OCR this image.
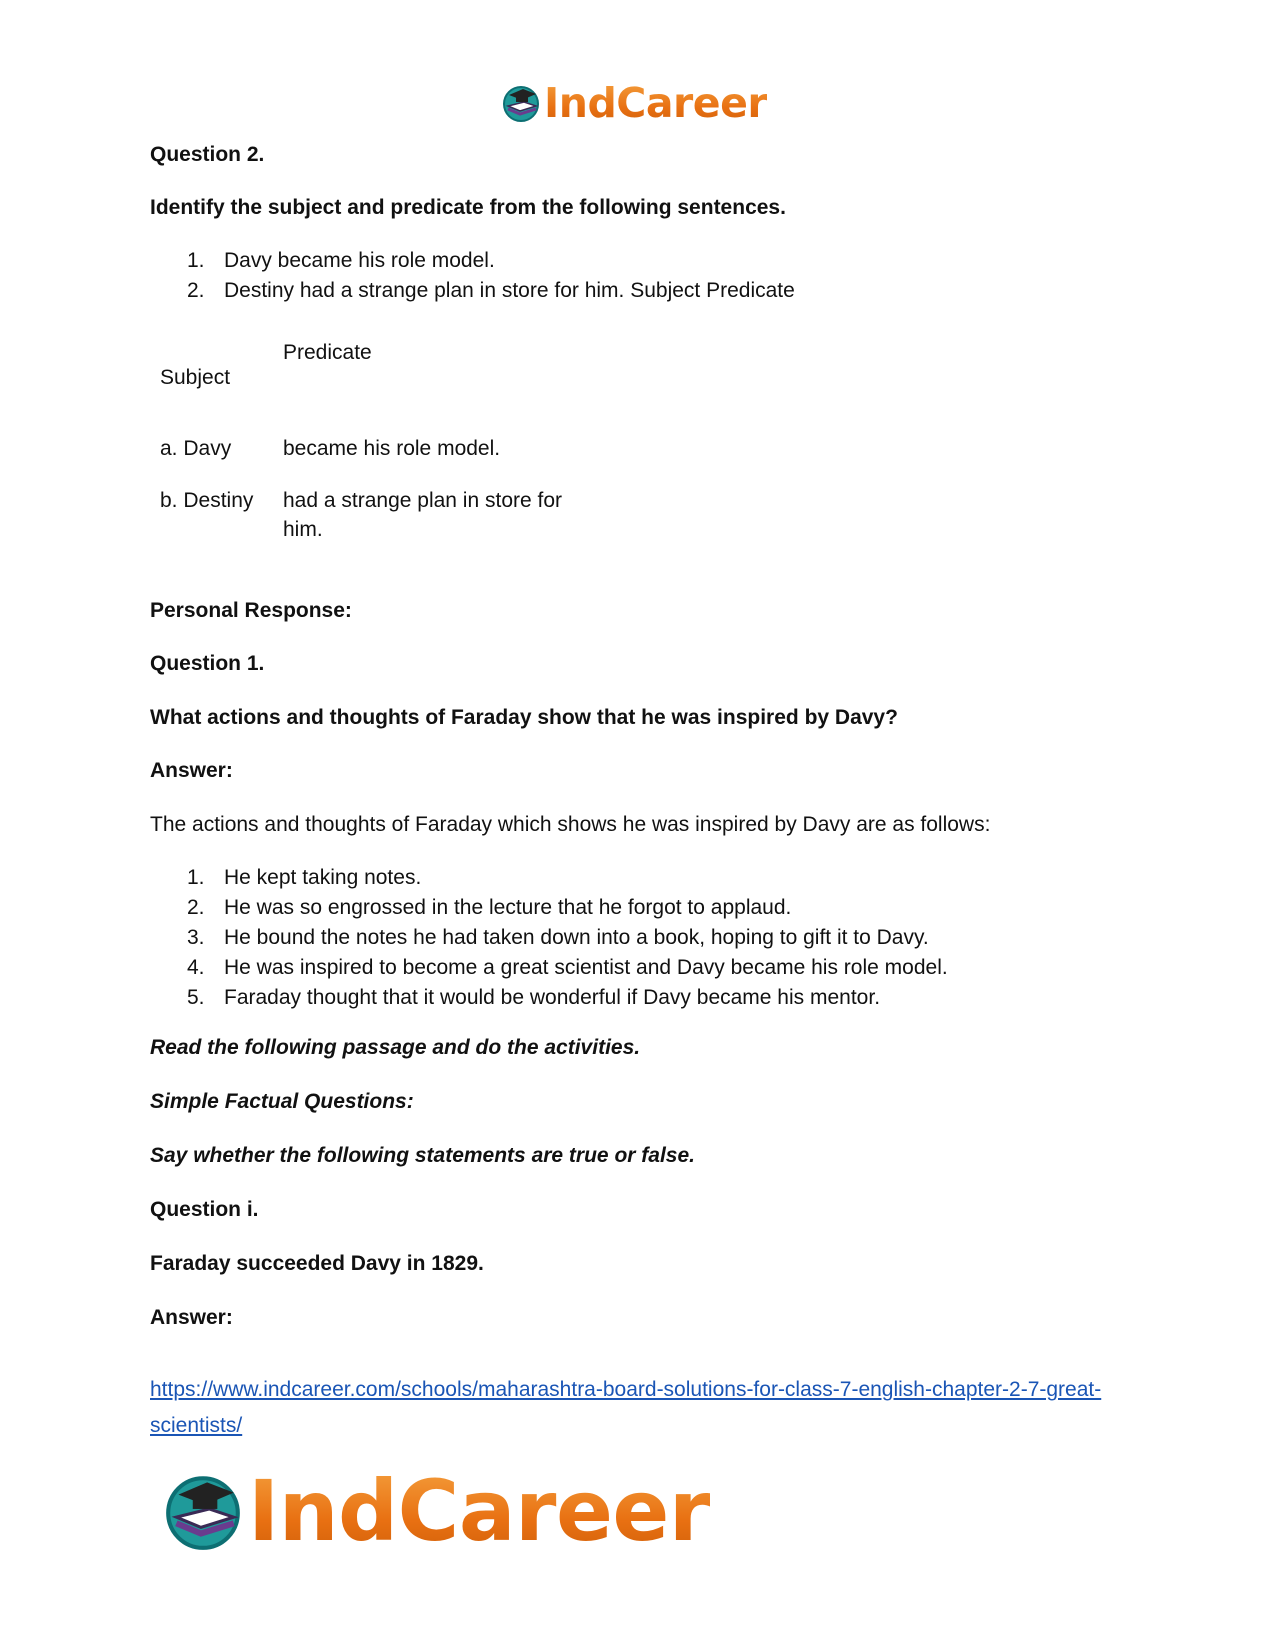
IndCareer
Question 2.
Identify the subject and predicate from the following sentences.
1. Davy became his role model.
2. Destiny had a strange plan in store for him. Subject Predicate
Predicate
Subject
a. Davy became his role model.
b. Destiny had a strange plan in store for him.
Personal Response:
Question 1.
What actions and thoughts of Faraday show that he was inspired by Davy?
Answer:
The actions and thoughts of Faraday which shows he was inspired by Davy are as follows:
1. He kept taking notes.
2. He was so engrossed in the lecture that he forgot to applaud.
3. He bound the notes he had taken down into a book, hoping to gift it to Davy.
4. He was inspired to become a great scientist and Davy became his role model.
5. Faraday thought that it would be wonderful if Davy became his mentor.
Read the following passage and do the activities.
Simple Factual Questions:
Say whether the following statements are true or false.
Question i.
Faraday succeeded Davy in 1829.
Answer:
https://www.indcareer.com/schools/maharashtra-board-solutions-for-class-7-english-chapter-2-7-great-scientists/
IndCareer
